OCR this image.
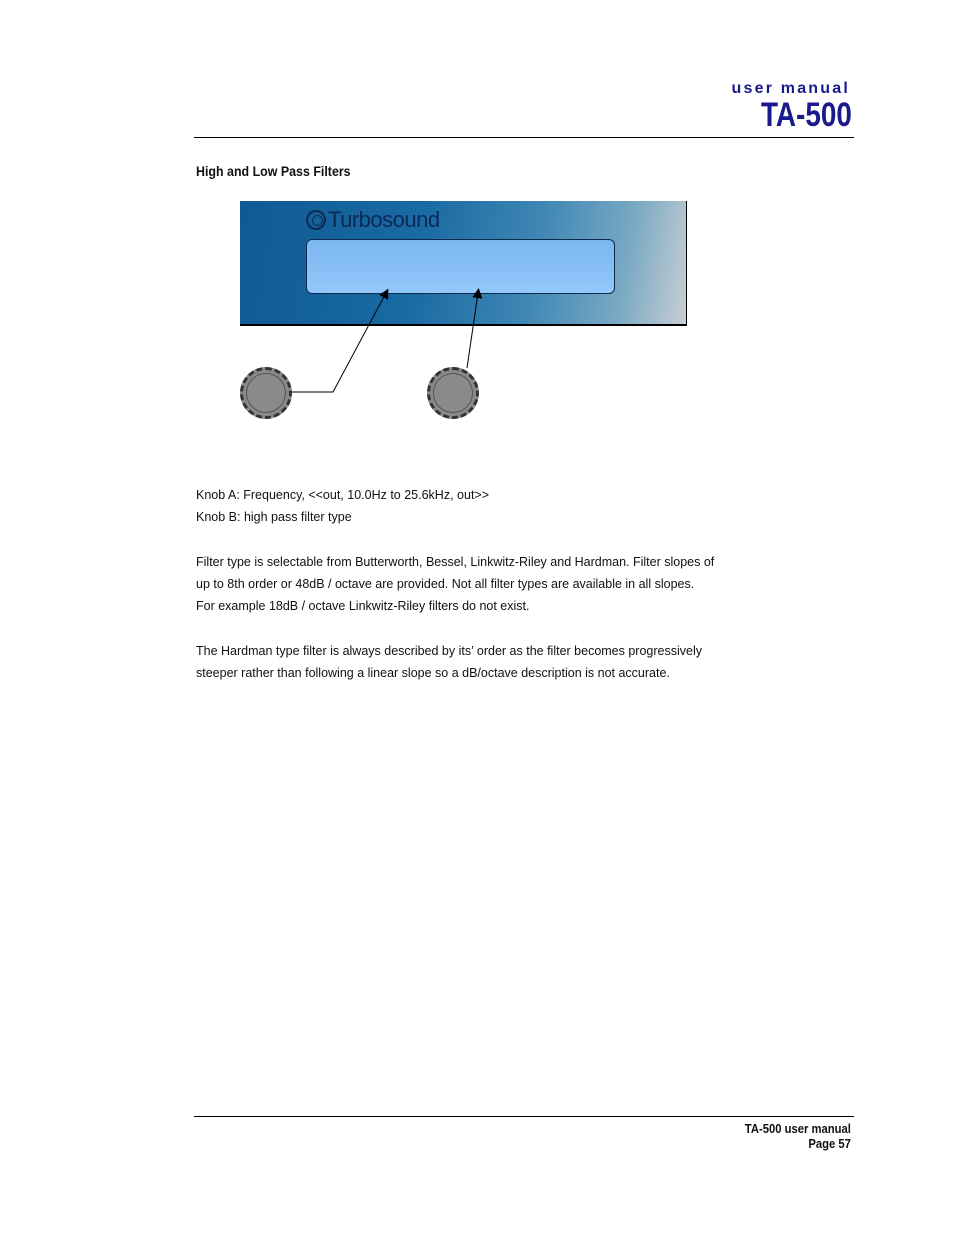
user manual
TA-500
High and Low Pass Filters
Turbosound
Knob A: Frequency, <<out, 10.0Hz to 25.6kHz, out>>
Knob B: high pass filter type
Filter type is selectable from Butterworth, Bessel, Linkwitz-Riley and Hardman. Filter slopes of
up to 8th order or 48dB / octave are provided. Not all filter types are available in all slopes.
For example 18dB / octave Linkwitz-Riley filters do not exist.
The Hardman type filter is always described by its’ order as the filter becomes progressively
steeper rather than following a linear slope so a dB/octave description is not accurate.
TA-500 user manual
Page 57
